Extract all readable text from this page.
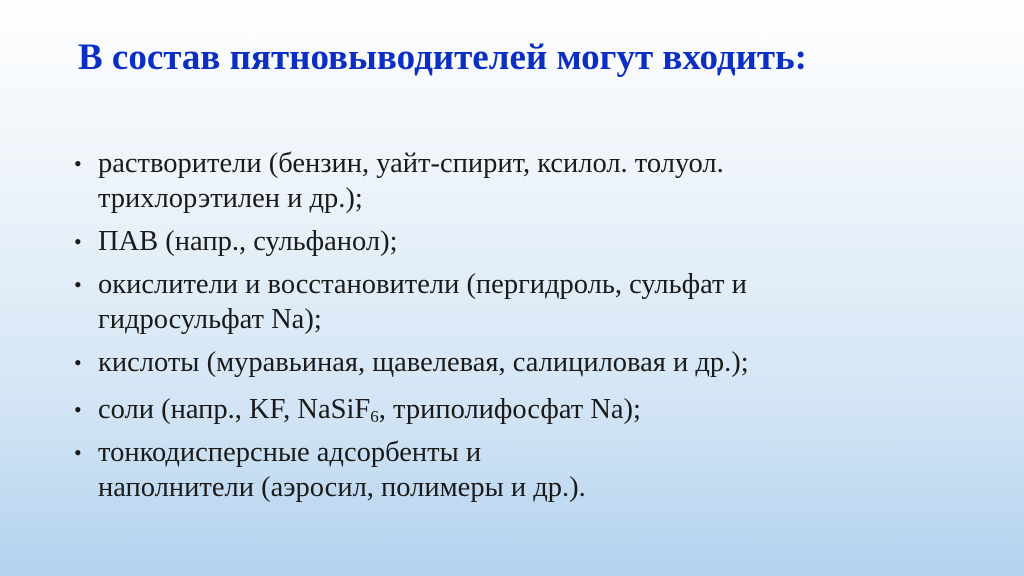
В состав пятновыводителей могут входить:
• растворители (бензин, уайт-спирит, ксилол. толуол.
трихлорэтилен и др.);
• ПАВ (напр., сульфанол);
• окислители и восстановители (пергидроль, сульфат и
гидросульфат Na);
• кислоты (муравьиная, щавелевая, салициловая и др.);
• соли (напр., KF, NaSiF$_6$, триполифосфат Na);
• тонкодисперсные адсорбенты и
наполнители (аэросил, полимеры и др.).
